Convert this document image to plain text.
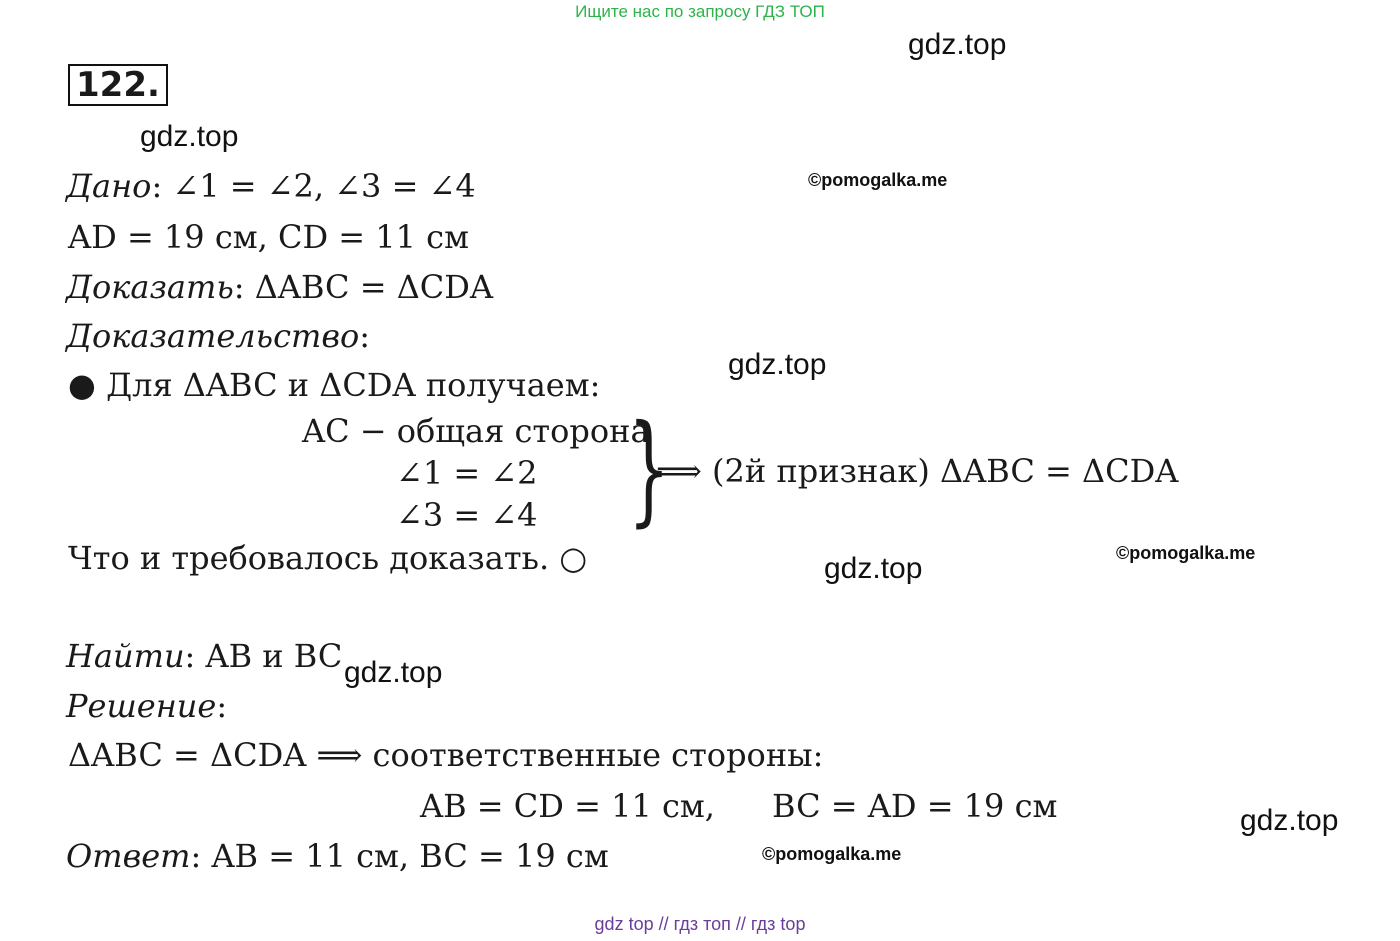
Ищите нас по запросу ГДЗ ТОП
gdz.top
122.
gdz.top
Дано: ∠1 = ∠2, ∠3 = ∠4	©pomogalka.me
AD = 19 см, CD = 11 см
Доказать: ΔABC = ΔCDA
Доказательство:
gdz.top
● Для ΔABC и ΔCDA получаем:
AC − общая сторона
∠1 = ∠2
∠3 = ∠4 }
⟹ (2й признак) ΔABC = ΔCDA
Что и требовалось доказать. ○	©pomogalka.me
gdz.top
Найти: AB и BC gdz.top
Решение:
ΔABC = ΔCDA ⟹ соответственные стороны:
AB = CD = 11 см, BC = AD = 19 см	gdz.top
Ответ: AB = 11 см, BC = 19 см	©pomogalka.me
gdz top // гдз топ // гдз top
